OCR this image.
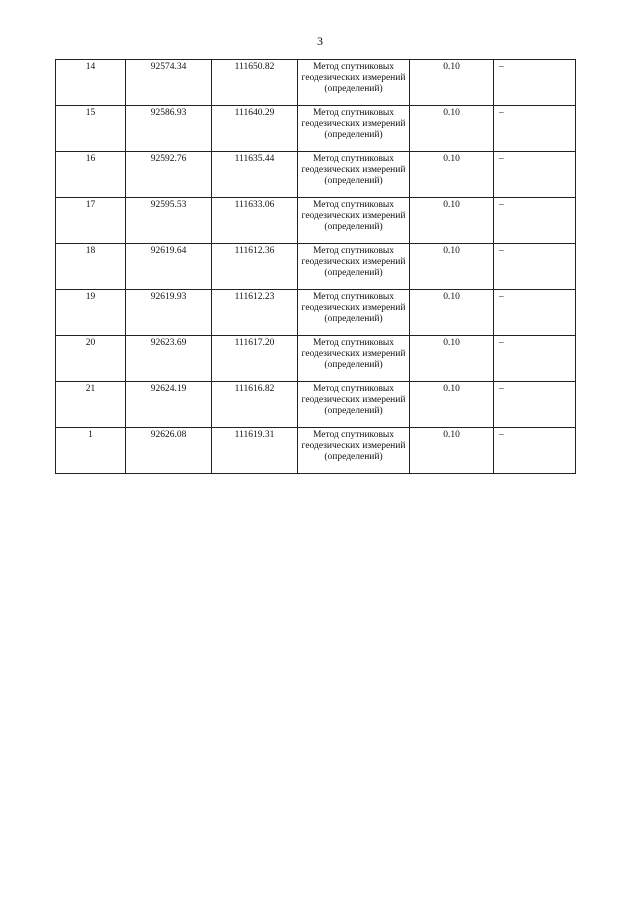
3
14	92574.34	111650.82	Метод спутниковых геодезических измерений (определений)	0.10	–
15	92586.93	111640.29	Метод спутниковых геодезических измерений (определений)	0.10	–
16	92592.76	111635.44	Метод спутниковых геодезических измерений (определений)	0.10	–
17	92595.53	111633.06	Метод спутниковых геодезических измерений (определений)	0.10	–
18	92619.64	111612.36	Метод спутниковых геодезических измерений (определений)	0.10	–
19	92619.93	111612.23	Метод спутниковых геодезических измерений (определений)	0.10	–
20	92623.69	111617.20	Метод спутниковых геодезических измерений (определений)	0.10	–
21	92624.19	111616.82	Метод спутниковых геодезических измерений (определений)	0.10	–
1	92626.08	111619.31	Метод спутниковых геодезических измерений (определений)	0.10	–
